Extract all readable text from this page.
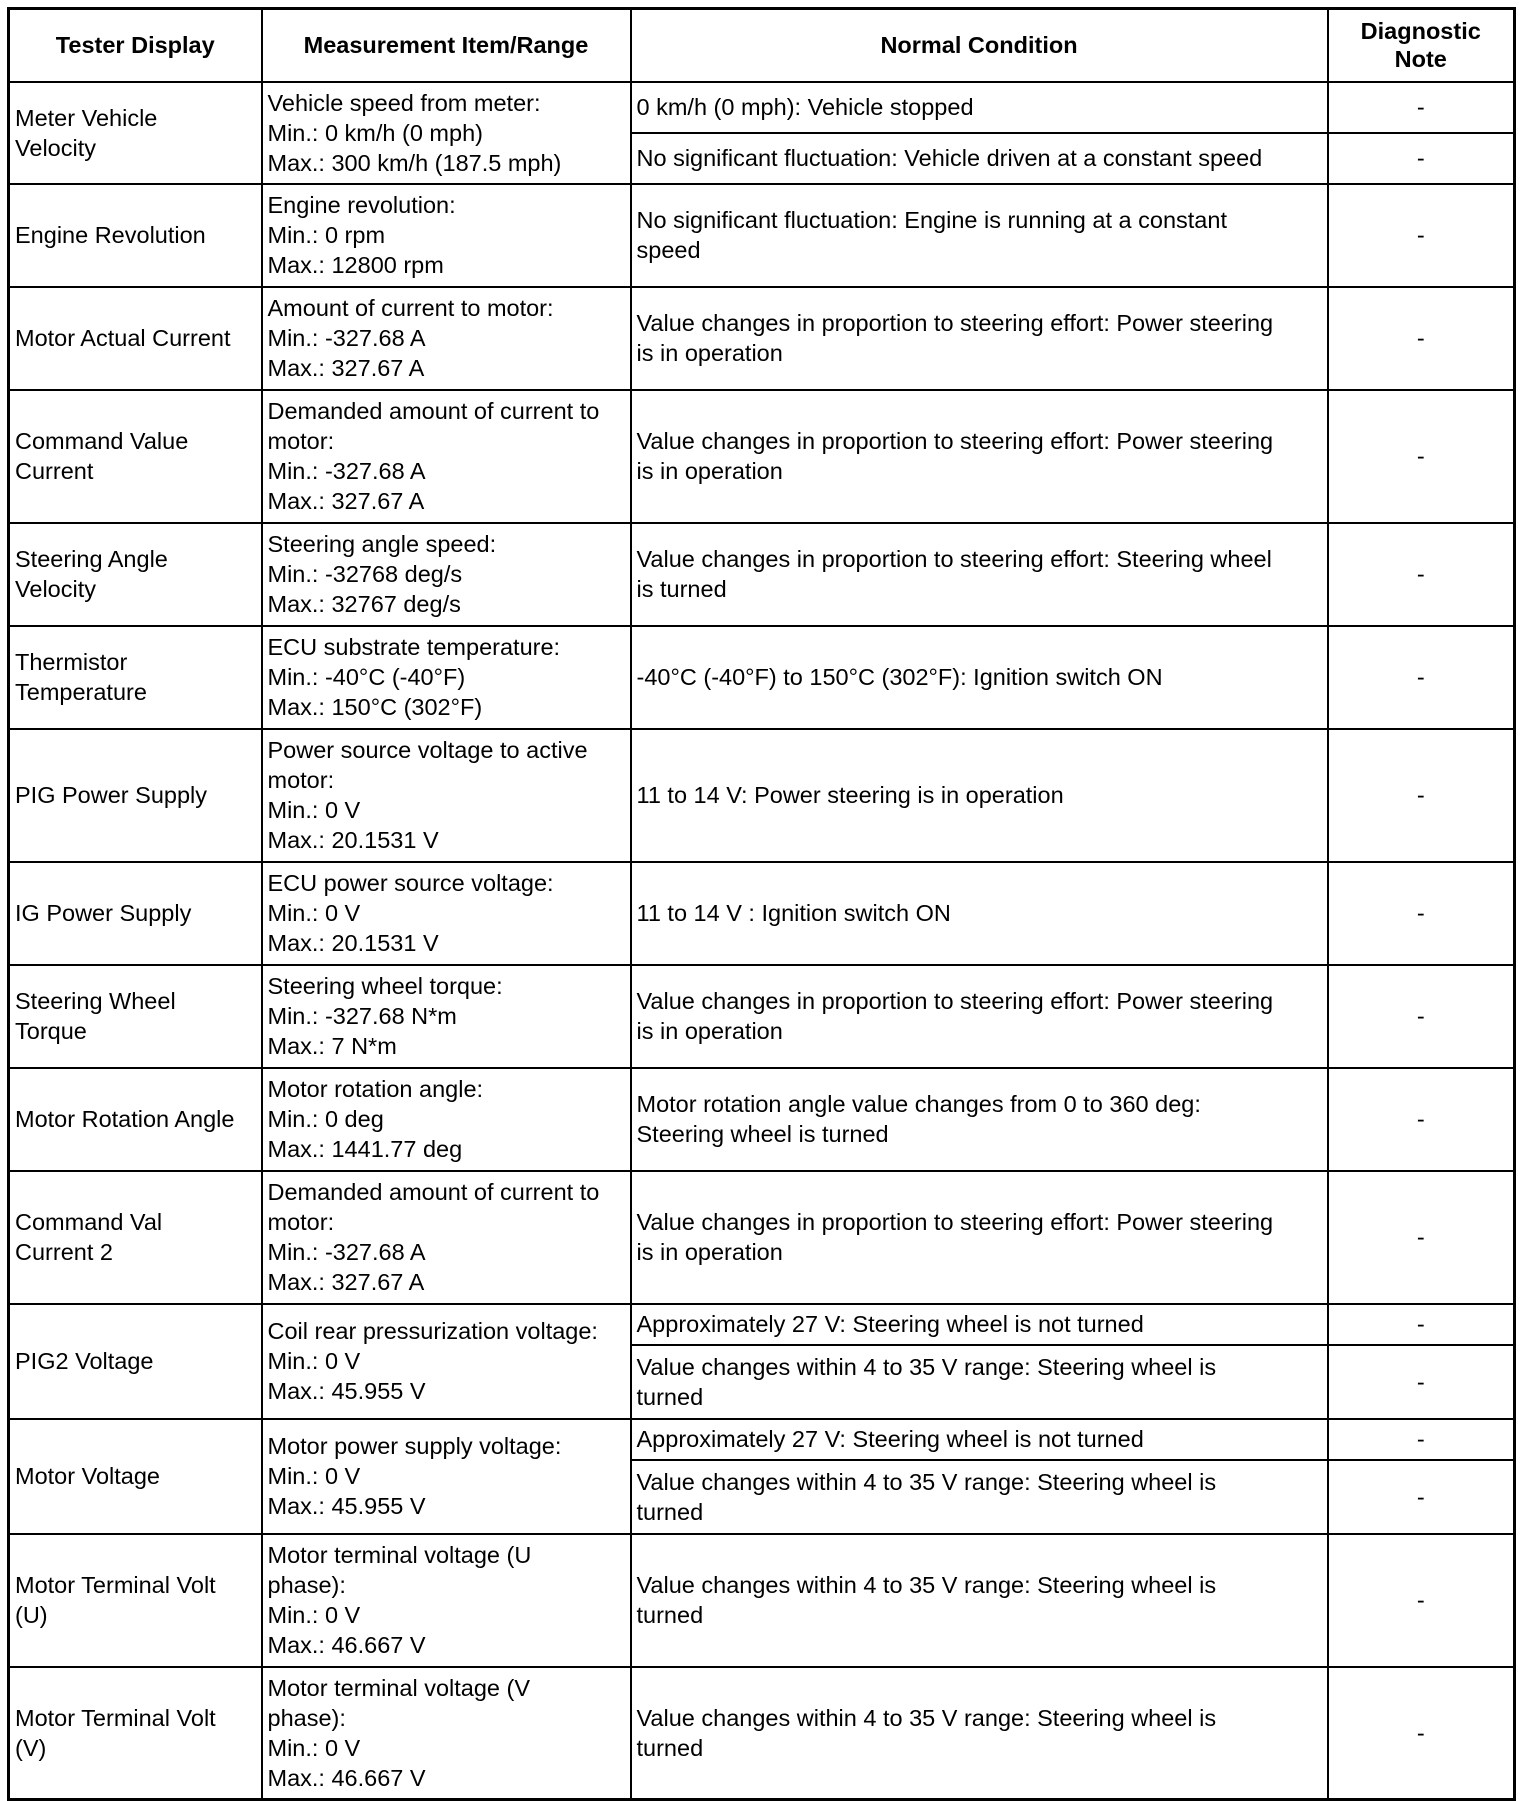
Tester Display	Measurement Item/Range	Normal Condition	Diagnostic
Note

Meter Vehicle
Velocity	Vehicle speed from meter:
Min.: 0 km/h (0 mph)
Max.: 300 km/h (187.5 mph)	0 km/h (0 mph): Vehicle stopped	-

		No significant fluctuation: Vehicle driven at a constant speed	-

Engine Revolution	Engine revolution:
Min.: 0 rpm
Max.: 12800 rpm	No significant fluctuation: Engine is running at a constant
speed	-

Motor Actual Current	Amount of current to motor:
Min.: -327.68 A
Max.: 327.67 A	Value changes in proportion to steering effort: Power steering
is in operation	-

Command Value
Current	Demanded amount of current to
motor:
Min.: -327.68 A
Max.: 327.67 A	Value changes in proportion to steering effort: Power steering
is in operation	-

Steering Angle
Velocity	Steering angle speed:
Min.: -32768 deg/s
Max.: 32767 deg/s	Value changes in proportion to steering effort: Steering wheel
is turned	-

Thermistor
Temperature	ECU substrate temperature:
Min.: -40°C (-40°F)
Max.: 150°C (302°F)	-40°C (-40°F) to 150°C (302°F): Ignition switch ON	-

PIG Power Supply	Power source voltage to active
motor:
Min.: 0 V
Max.: 20.1531 V	11 to 14 V: Power steering is in operation	-

IG Power Supply	ECU power source voltage:
Min.: 0 V
Max.: 20.1531 V	11 to 14 V : Ignition switch ON	-

Steering Wheel
Torque	Steering wheel torque:
Min.: -327.68 N*m
Max.: 7 N*m	Value changes in proportion to steering effort: Power steering
is in operation	-

Motor Rotation Angle	Motor rotation angle:
Min.: 0 deg
Max.: 1441.77 deg	Motor rotation angle value changes from 0 to 360 deg:
Steering wheel is turned	-

Command Val
Current 2	Demanded amount of current to
motor:
Min.: -327.68 A
Max.: 327.67 A	Value changes in proportion to steering effort: Power steering
is in operation	-

PIG2 Voltage	Coil rear pressurization voltage:
Min.: 0 V
Max.: 45.955 V	Approximately 27 V: Steering wheel is not turned	-

		Value changes within 4 to 35 V range: Steering wheel is
turned	-

Motor Voltage	Motor power supply voltage:
Min.: 0 V
Max.: 45.955 V	Approximately 27 V: Steering wheel is not turned	-

		Value changes within 4 to 35 V range: Steering wheel is
turned	-

Motor Terminal Volt
(U)	Motor terminal voltage (U
phase):
Min.: 0 V
Max.: 46.667 V	Value changes within 4 to 35 V range: Steering wheel is
turned	-

Motor Terminal Volt
(V)	Motor terminal voltage (V
phase):
Min.: 0 V
Max.: 46.667 V	Value changes within 4 to 35 V range: Steering wheel is
turned	-
